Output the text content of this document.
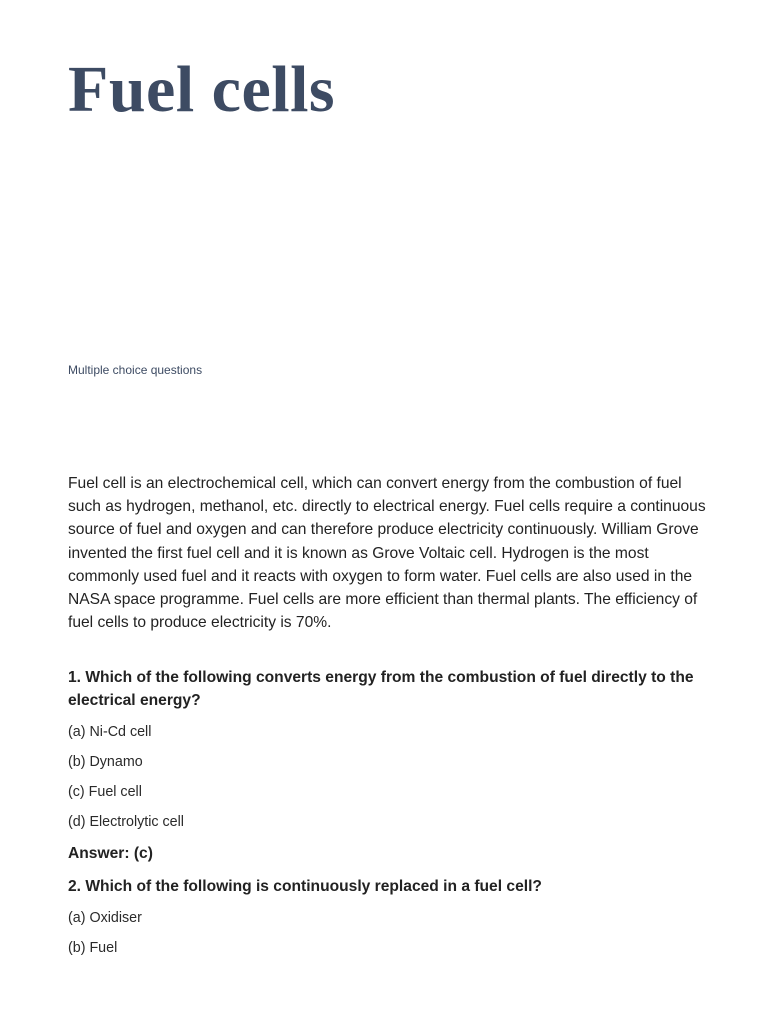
Fuel cells
Multiple choice questions

Fuel cell is an electrochemical cell, which can convert energy from the combustion of fuel such as hydrogen, methanol, etc. directly to electrical energy. Fuel cells require a continuous source of fuel and oxygen and can therefore produce electricity continuously. William Grove invented the first fuel cell and it is known as Grove Voltaic cell. Hydrogen is the most commonly used fuel and it reacts with oxygen to form water. Fuel cells are also used in the NASA space programme. Fuel cells are more efficient than thermal plants. The efficiency of fuel cells to produce electricity is 70%.

1. Which of the following converts energy from the combustion of fuel directly to the electrical energy?

(a) Ni-Cd cell
(b) Dynamo
(c) Fuel cell
(d) Electrolytic cell
Answer: (c)

2. Which of the following is continuously replaced in a fuel cell?

(a) Oxidiser
(b) Fuel
